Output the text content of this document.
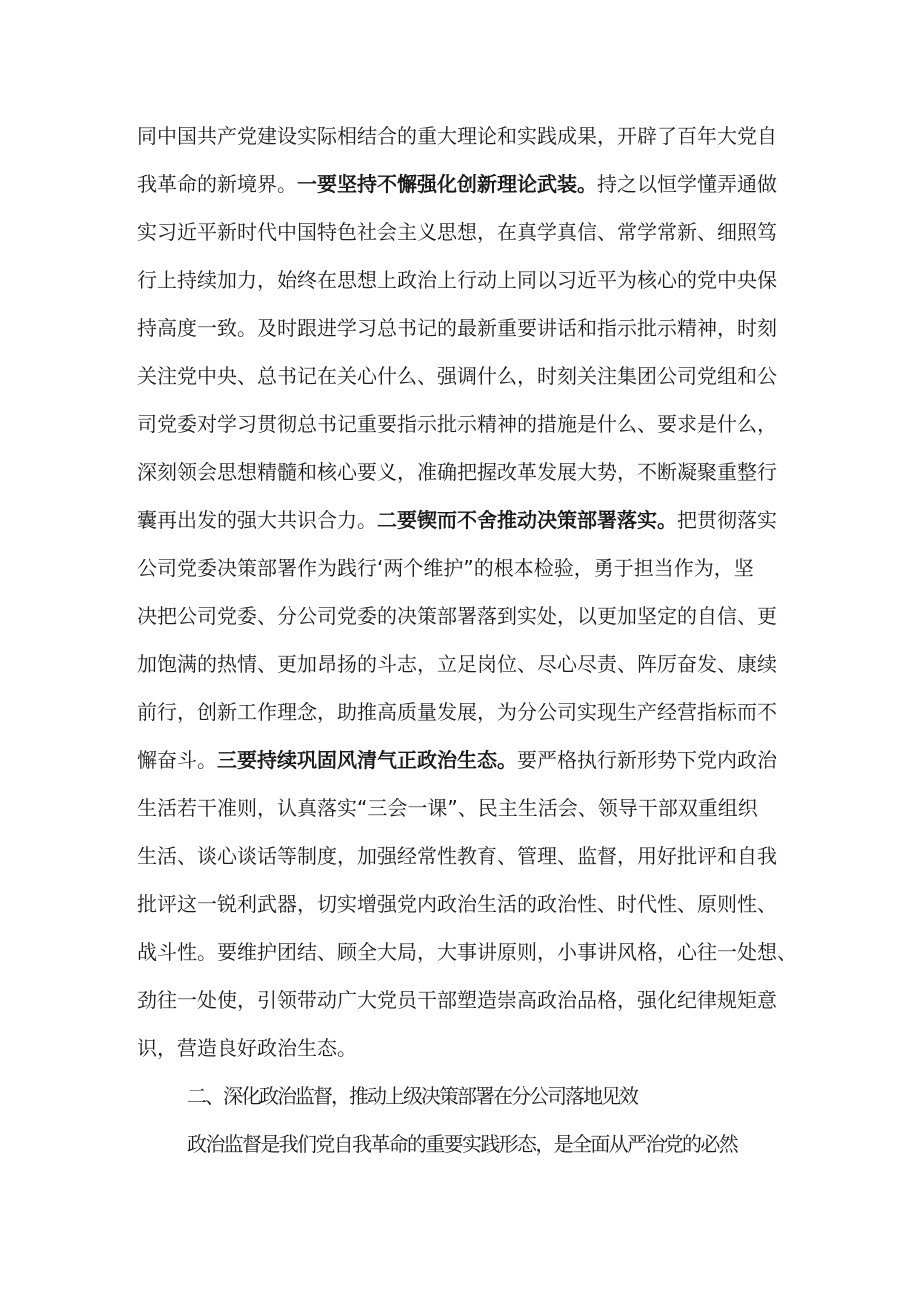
同中国共产党建设实际相结合的重大理论和实践成果，开辟了百年大党自
我革命的新境界。一要坚持不懈强化创新理论武装。持之以恒学懂弄通做
实习近平新时代中国特色社会主义思想，在真学真信、常学常新、细照笃
行上持续加力，始终在思想上政治上行动上同以习近平为核心的党中央保
持高度一致。及时跟进学习总书记的最新重要讲话和指示批示精神，时刻
关注党中央、总书记在关心什么、强调什么，时刻关注集团公司党组和公
司党委对学习贯彻总书记重要指示批示精神的措施是什么、要求是什么，
深刻领会思想精髓和核心要义，准确把握改革发展大势，不断凝聚重整行
囊再出发的强大共识合力。二要锲而不舍推动决策部署落实。把贯彻落实
公司党委决策部署作为践行‘两个维护”的根本检验，勇于担当作为，坚
决把公司党委、分公司党委的决策部署落到实处，以更加坚定的自信、更
加饱满的热情、更加昂扬的斗志，立足岗位、尽心尽责、阵厉奋发、康续
前行，创新工作理念，助推高质量发展，为分公司实现生产经营指标而不
懈奋斗。三要持续巩固风清气正政治生态。要严格执行新形势下党内政治
生活若干准则，认真落实“三会一课”、民主生活会、领导干部双重组织
生活、谈心谈话等制度，加强经常性教育、管理、监督，用好批评和自我
批评这一锐利武器，切实增强党内政治生活的政治性、时代性、原则性、
战斗性。要维护团结、顾全大局，大事讲原则，小事讲风格，心往一处想、
劲往一处使，引领带动广大党员干部塑造崇高政治品格，强化纪律规矩意
识，营造良好政治生态。
二、深化政治监督，推动上级决策部署在分公司落地见效
政治监督是我们党自我革命的重要实践形态，是全面从严治党的必然
